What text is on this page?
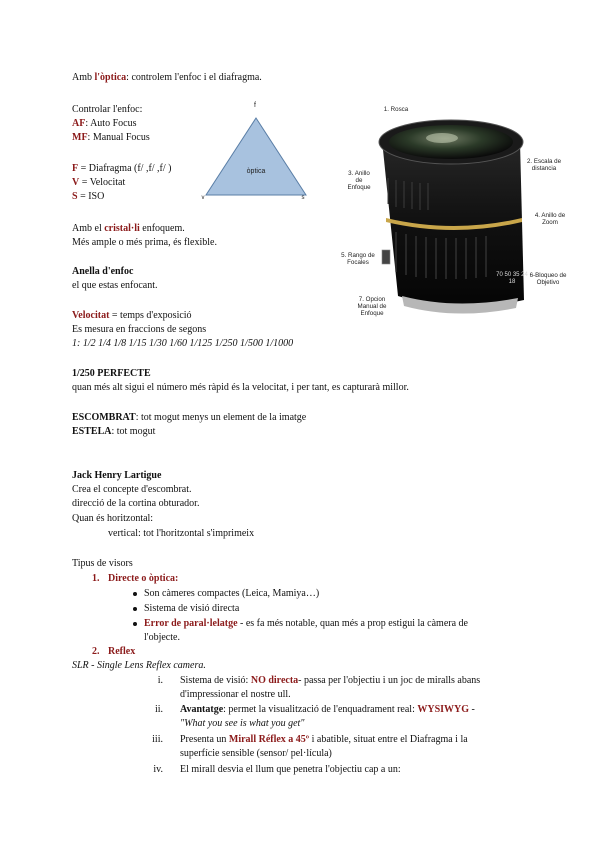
Amb l'òptica: controlem l'enfoc i el diafragma.
Controlar l'enfoc:
AF: Auto Focus
MF: Manual Focus
F = Diafragma (f/ ,f/ ,f/ )
V = Velocitat
S = ISO
f
v	s
òptica
Amb el cristal·li enfoquem.
Més ample o més prima, és flexible.
Anella d'enfoc
el que estas enfocant.
Velocitat = temps d'exposició
Es mesura en fraccions de segons
1: 1/2 1/4 1/8 1/15 1/30 1/60 1/125 1/250 1/500 1/1000
1/250 PERFECTE
quan més alt sigui el número més ràpid és la velocitat, i per tant, es capturarà millor.
ESCOMBRAT: tot mogut menys un element de la imatge
ESTELA: tot mogut
Jack Henry Lartigue
Crea el concepte d'escombrat.
direcció de la cortina obturador.
Quan és horitzontal:
vertical: tot l'horitzontal s'imprimeix
Tipus de visors
1. Directe o òptica:
Son càmeres compactes (Leica, Mamiya…)
Sistema de visió directa
Error de paral·lelatge - es fa més notable, quan més a prop estigui la càmera de
l'objecte.
2. Reflex
SLR - Single Lens Reflex camera.
i. Sistema de visió: NO directa- passa per l'objectiu i un joc de miralls abans
d'impressionar el nostre ull.
ii. Avantatge: permet la visualització de l'enquadrament real: WYSIWYG -
"What you see is what you get"
iii. Presenta un Mirall Réflex a 45º i abatible, situat entre el Diafragma i la
superfície sensible (sensor/ pel·lícula)
iv. El mirall desvia el llum que penetra l'objectiu cap a un:
70 50 35 24 18
1. Rosca
2. Escala de distancia
3. Anillo de Enfoque
4. Anillo de Zoom
5. Rango de Focales
6-Bloqueo de Objetivo
7. Opcion Manual de Enfoque
